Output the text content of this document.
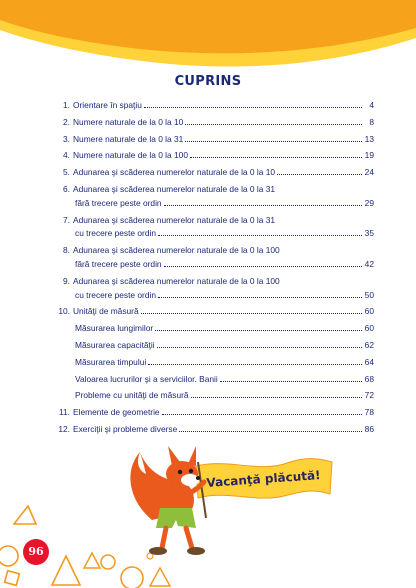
CUPRINS
1. Orientare în spaţiu	4
2. Numere naturale de la 0 la 10	8
3. Numere naturale de la 0 la 31	13
4. Numere naturale de la 0 la 100	19
5. Adunarea şi scăderea numerelor naturale de la 0 la 10	24
6. Adunarea şi scăderea numerelor naturale de la 0 la 31
fără trecere peste ordin	29
7. Adunarea şi scăderea numerelor naturale de la 0 la 31
cu trecere peste ordin	35
8. Adunarea şi scăderea numerelor naturale de la 0 la 100
fără trecere peste ordin	42
9. Adunarea şi scăderea numerelor naturale de la 0 la 100
cu trecere peste ordin	50
10. Unităţi de măsură	60
Măsurarea lungimilor	60
Măsurarea capacităţii	62
Măsurarea timpului	64
Valoarea lucrurilor şi a serviciilor. Banii	68
Probleme cu unităţi de măsură	72
11. Elemente de geometrie	78
12. Exerciţii şi probleme diverse	86
Vacanţă plăcută!
96
